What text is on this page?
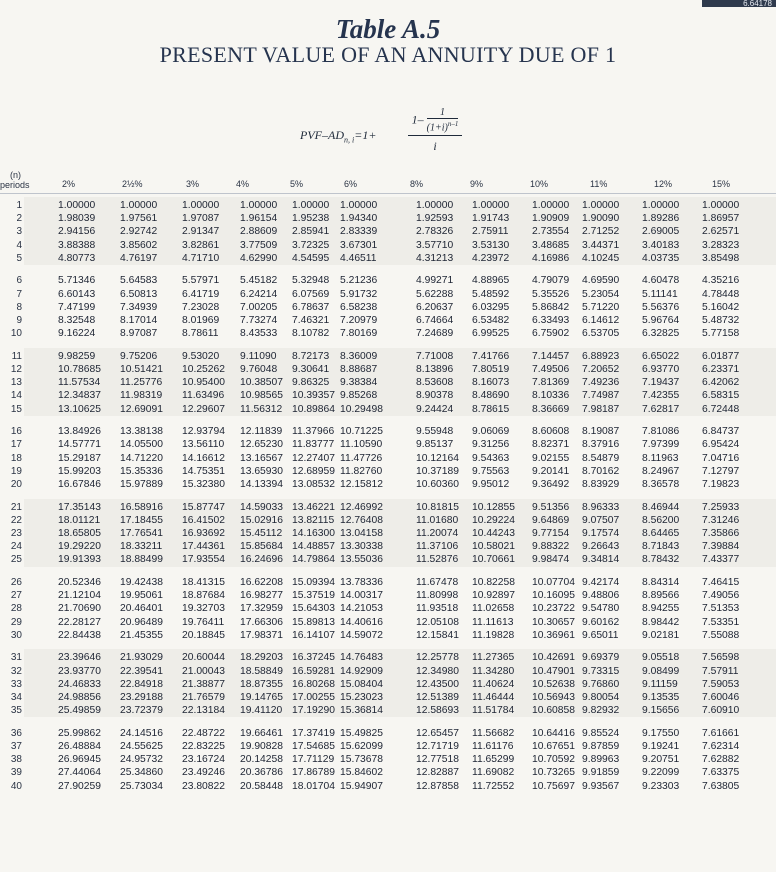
6.64178
Table A.5
PRESENT VALUE OF AN ANNUITY DUE OF 1
PVF–$AD_{n, i}=1+$	$\frac{1- \frac{1}{(1+i)^{n-1}}}{i}$
(n)
periods	2%	2½%	3%	4%	5%	6%	8%	9%	10%	11%	12%	15%
1	1.00000 1.00000 1.00000 1.00000 1.00000 1.00000	1.00000 1.00000 1.00000 1.00000 1.00000 1.00000
2	1.98039 1.97561 1.97087 1.96154 1.95238 1.94340	1.92593 1.91743 1.90909 1.90090 1.89286 1.86957
3	2.94156 2.92742 2.91347 2.88609 2.85941 2.83339	2.78326 2.75911 2.73554 2.71252 2.69005 2.62571
4	3.88388 3.85602 3.82861 3.77509 3.72325 3.67301	3.57710 3.53130 3.48685 3.44371 3.40183 3.28323
5	4.80773 4.76197 4.71710 4.62990 4.54595 4.46511	4.31213 4.23972 4.16986 4.10245 4.03735 3.85498
6	5.71346 5.64583 5.57971 5.45182 5.32948 5.21236	4.99271 4.88965 4.79079 4.69590 4.60478 4.35216
7	6.60143 6.50813 6.41719 6.24214 6.07569 5.91732	5.62288 5.48592 5.35526 5.23054 5.11141 4.78448
8	7.47199 7.34939 7.23028 7.00205 6.78637 6.58238	6.20637 6.03295 5.86842 5.71220 5.56376 5.16042
9	8.32548 8.17014 8.01969 7.73274 7.46321 7.20979	6.74664 6.53482 6.33493 6.14612 5.96764 5.48732
10	9.16224 8.97087 8.78611 8.43533 8.10782 7.80169	7.24689 6.99525 6.75902 6.53705 6.32825 5.77158
11	9.98259 9.75206 9.53020 9.11090 8.72173 8.36009	7.71008 7.41766 7.14457 6.88923 6.65022 6.01877
12	10.78685 10.51421 10.25262 9.76048 9.30641 8.88687	8.13896 7.80519 7.49506 7.20652 6.93770 6.23371
13	11.57534 11.25776 10.95400 10.38507 9.86325 9.38384	8.53608 8.16073 7.81369 7.49236 7.19437 6.42062
14	12.34837 11.98319 11.63496 10.98565 10.39357 9.85268	8.90378 8.48690 8.10336 7.74987 7.42355 6.58315
15	13.10625 12.69091 12.29607 11.56312 10.89864 10.29498	9.24424 8.78615 8.36669 7.98187 7.62817 6.72448
16	13.84926 13.38138 12.93794 12.11839 11.37966 10.71225	9.55948 9.06069 8.60608 8.19087 7.81086 6.84737
17	14.57771 14.05500 13.56110 12.65230 11.83777 11.10590	9.85137 9.31256 8.82371 8.37916 7.97399 6.95424
18	15.29187 14.71220 14.16612 13.16567 12.27407 11.47726	10.12164 9.54363 9.02155 8.54879 8.11963 7.04716
19	15.99203 15.35336 14.75351 13.65930 12.68959 11.82760	10.37189 9.75563 9.20141 8.70162 8.24967 7.12797
20	16.67846 15.97889 15.32380 14.13394 13.08532 12.15812	10.60360 9.95012 9.36492 8.83929 8.36578 7.19823
21	17.35143 16.58916 15.87747 14.59033 13.46221 12.46992	10.81815 10.12855 9.51356 8.96333 8.46944 7.25933
22	18.01121 17.18455 16.41502 15.02916 13.82115 12.76408	11.01680 10.29224 9.64869 9.07507 8.56200 7.31246
23	18.65805 17.76541 16.93692 15.45112 14.16300 13.04158	11.20074 10.44243 9.77154 9.17574 8.64465 7.35866
24	19.29220 18.33211 17.44361 15.85684 14.48857 13.30338	11.37106 10.58021 9.88322 9.26643 8.71843 7.39884
25	19.91393 18.88499 17.93554 16.24696 14.79864 13.55036	11.52876 10.70661 9.98474 9.34814 8.78432 7.43377
26	20.52346 19.42438 18.41315 16.62208 15.09394 13.78336	11.67478 10.82258 10.07704 9.42174 8.84314 7.46415
27	21.12104 19.95061 18.87684 16.98277 15.37519 14.00317	11.80998 10.92897 10.16095 9.48806 8.89566 7.49056
28	21.70690 20.46401 19.32703 17.32959 15.64303 14.21053	11.93518 11.02658 10.23722 9.54780 8.94255 7.51353
29	22.28127 20.96489 19.76411 17.66306 15.89813 14.40616	12.05108 11.11613 10.30657 9.60162 8.98442 7.53351
30	22.84438 21.45355 20.18845 17.98371 16.14107 14.59072	12.15841 11.19828 10.36961 9.65011 9.02181 7.55088
31	23.39646 21.93029 20.60044 18.29203 16.37245 14.76483	12.25778 11.27365 10.42691 9.69379 9.05518 7.56598
32	23.93770 22.39541 21.00043 18.58849 16.59281 14.92909	12.34980 11.34280 10.47901 9.73315 9.08499 7.57911
33	24.46833 22.84918 21.38877 18.87355 16.80268 15.08404	12.43500 11.40624 10.52638 9.76860 9.11159 7.59053
34	24.98856 23.29188 21.76579 19.14765 17.00255 15.23023	12.51389 11.46444 10.56943 9.80054 9.13535 7.60046
35	25.49859 23.72379 22.13184 19.41120 17.19290 15.36814	12.58693 11.51784 10.60858 9.82932 9.15656 7.60910
36	25.99862 24.14516 22.48722 19.66461 17.37419 15.49825	12.65457 11.56682 10.64416 9.85524 9.17550 7.61661
37	26.48884 24.55625 22.83225 19.90828 17.54685 15.62099	12.71719 11.61176 10.67651 9.87859 9.19241 7.62314
38	26.96945 24.95732 23.16724 20.14258 17.71129 15.73678	12.77518 11.65299 10.70592 9.89963 9.20751 7.62882
39	27.44064 25.34860 23.49246 20.36786 17.86789 15.84602	12.82887 11.69082 10.73265 9.91859 9.22099 7.63375
40	27.90259 25.73034 23.80822 20.58448 18.01704 15.94907	12.87858 11.72552 10.75697 9.93567 9.23303 7.63805
